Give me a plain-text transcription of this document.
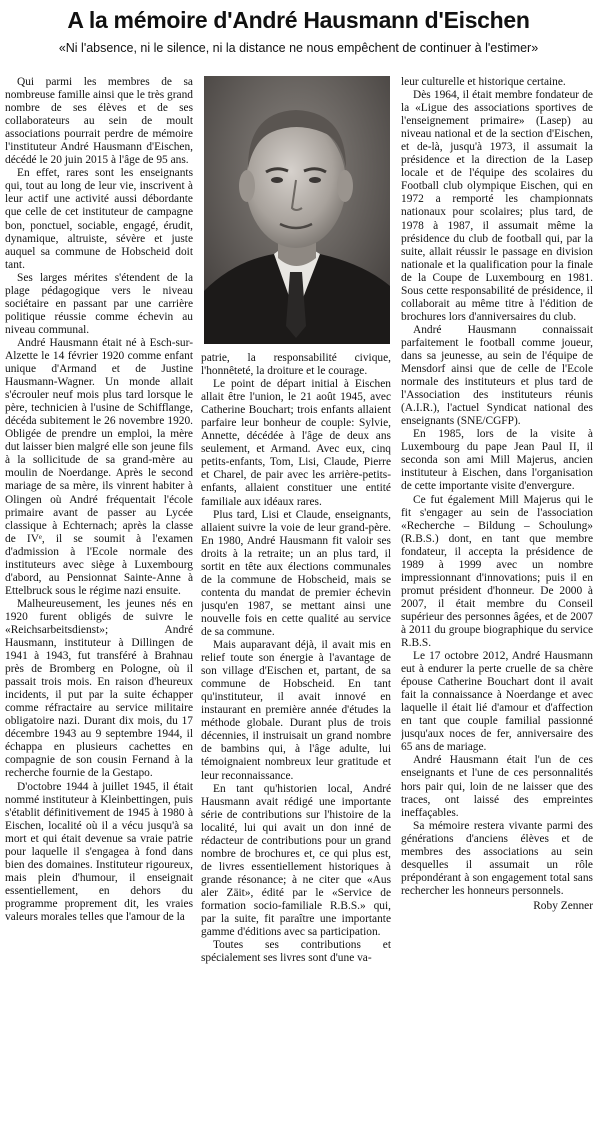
A la mémoire d'André Hausmann d'Eischen
«Ni l'absence, ni le silence, ni la distance ne nous empêchent de continuer à l'estimer»

Qui parmi les membres de sa nombreuse famille ainsi que le très grand nombre de ses élèves et de ses collaborateurs au sein de moult associations pourrait perdre de mémoire l'instituteur André Hausmann d'Eischen, décédé le 20 juin 2015 à l'âge de 95 ans.

En effet, rares sont les enseignants qui, tout au long de leur vie, inscrivent à leur actif une activité aussi débordante que celle de cet instituteur de campagne bon, ponctuel, sociable, engagé, érudit, dynamique, altruiste, sévère et juste auquel sa commune de Hobscheid doit tant.

Ses larges mérites s'étendent de la plage pédagogique vers le niveau sociétaire en passant par une carrière politique réussie comme échevin au niveau communal.

André Hausmann était né à Esch-sur-Alzette le 14 février 1920 comme enfant unique d'Armand et de Justine Hausmann-Wagner. Un monde allait s'écrouler neuf mois plus tard lorsque le père, technicien à l'usine de Schifflange, décéda subitement le 26 novembre 1920. Obligée de prendre un emploi, la mère dut laisser bien malgré elle son jeune fils à la sollicitude de sa grand-mère au moulin de Noerdange. Après le second mariage de sa mère, ils vinrent habiter à Olingen où André fréquentait l'école primaire avant de passer au Lycée classique à Echternach; après la classe de IVᵉ, il se soumit à l'examen d'admission à l'Ecole normale des instituteurs avec siège à Luxembourg d'abord, au Pensionnat Sainte-Anne à Ettelbruck sous le régime nazi ensuite.

Malheureusement, les jeunes nés en 1920 furent obligés de suivre le «Reichsarbeitsdienst»; André Hausmann, instituteur à Dillingen de 1941 à 1943, fut transféré à Brahnau près de Bromberg en Pologne, où il passait trois mois. En raison d'heureux incidents, il put par la suite échapper comme réfractaire au service militaire obligatoire nazi. Durant dix mois, du 17 décembre 1943 au 9 septembre 1944, il échappa en plusieurs cachettes en compagnie de son cousin Fernand à la recherche fournie de la Gestapo.

D'octobre 1944 à juillet 1945, il était nommé instituteur à Kleinbettingen, puis s'établit définitivement de 1945 à 1980 à Eischen, localité où il a vécu jusqu'à sa mort et qui était devenue sa vraie patrie pour laquelle il s'engagea à fond dans bien des domaines. Instituteur rigoureux, mais plein d'humour, il enseignait essentiellement, en dehors du programme proprement dit, les vraies valeurs morales telles que l'amour de la

patrie, la responsabilité civique, l'honnêteté, la droiture et le courage.

Le point de départ initial à Eischen allait être l'union, le 21 août 1945, avec Catherine Bouchart; trois enfants allaient parfaire leur bonheur de couple: Sylvie, Annette, décédée à l'âge de deux ans seulement, et Armand. Avec eux, cinq petits-enfants, Tom, Lisi, Claude, Pierre et Charel, de pair avec les arrière-petits-enfants, allaient constituer une entité familiale aux idéaux rares.

Plus tard, Lisi et Claude, enseignants, allaient suivre la voie de leur grand-père. En 1980, André Hausmann fit valoir ses droits à la retraite; un an plus tard, il sortit en tête aux élections communales de la commune de Hobscheid, mais se contenta du mandat de premier échevin jusqu'en 1987, se mettant ainsi une nouvelle fois en cette qualité au service de sa commune.

Mais auparavant déjà, il avait mis en relief toute son énergie à l'avantage de son village d'Eischen et, partant, de sa commune de Hobscheid. En tant qu'instituteur, il avait innové en instaurant en première année d'études la méthode globale. Durant plus de trois décennies, il instruisait un grand nombre de bambins qui, à l'âge adulte, lui témoignaient nombreux leur gratitude et leur reconnaissance.

En tant qu'historien local, André Hausmann avait rédigé une importante série de contributions sur l'histoire de la localité, lui qui avait un don inné de rédacteur de contributions pour un grand nombre de brochures et, ce qui plus est, de livres essentiellement historiques à grande résonance; à ne citer que «Aus aler Zäit», édité par le «Service de formation socio-familiale R.B.S.» qui, par la suite, fit paraître une importante gamme d'éditions avec sa participation.

Toutes ses contributions et spécialement ses livres sont d'une va-

leur culturelle et historique certaine.

Dès 1964, il était membre fondateur de la «Ligue des associations sportives de l'enseignement primaire» (Lasep) au niveau national et de la section d'Eischen, et de-là, jusqu'à 1973, il assumait la présidence et la direction de la Lasep locale et de l'équipe des scolaires du Football club olympique Eischen, qui en 1972 a remporté les championnats nationaux pour scolaires; plus tard, de 1978 à 1987, il assumait même la présidence du club de football qui, par la suite, allait réussir le passage en division nationale et la qualification pour la finale de la Coupe de Luxembourg en 1981. Sous cette responsabilité de présidence, il collaborait au même titre à l'édition de brochures lors d'anniversaires du club.

André Hausmann connaissait parfaitement le football comme joueur, dans sa jeunesse, au sein de l'équipe de Mensdorf ainsi que de celle de l'Ecole normale des instituteurs et plus tard de l'Association des instituteurs réunis (A.I.R.), l'actuel Syndicat national des enseignants (SNE/CGFP).

En 1985, lors de la visite à Luxembourg du pape Jean Paul II, il seconda son ami Mill Majerus, ancien instituteur à Eischen, dans l'organisation de cette importante visite d'envergure.

Ce fut également Mill Majerus qui le fit s'engager au sein de l'association «Recherche – Bildung – Schoulung» (R.B.S.) dont, en tant que membre fondateur, il accepta la présidence de 1989 à 1999 avec un nombre impressionnant d'innovations; puis il en promut président d'honneur. De 2000 à 2007, il était membre du Conseil supérieur des personnes âgées, et de 2007 à 2011 du groupe biographique du service R.B.S.

Le 17 octobre 2012, André Hausmann eut à endurer la perte cruelle de sa chère épouse Catherine Bouchart dont il avait fait la connaissance à Noerdange et avec laquelle il était lié d'amour et d'affection en tant que couple familial passionné jusqu'aux noces de fer, anniversaire des 65 ans de mariage.

André Hausmann était l'un de ces enseignants et l'une de ces personnalités hors pair qui, loin de ne laisser que des traces, ont laissé des empreintes ineffaçables.

Sa mémoire restera vivante parmi des générations d'anciens élèves et de membres des associations au sein desquelles il assumait un rôle prépondérant à son engagement total sans rechercher les honneurs personnels.

Roby Zenner
